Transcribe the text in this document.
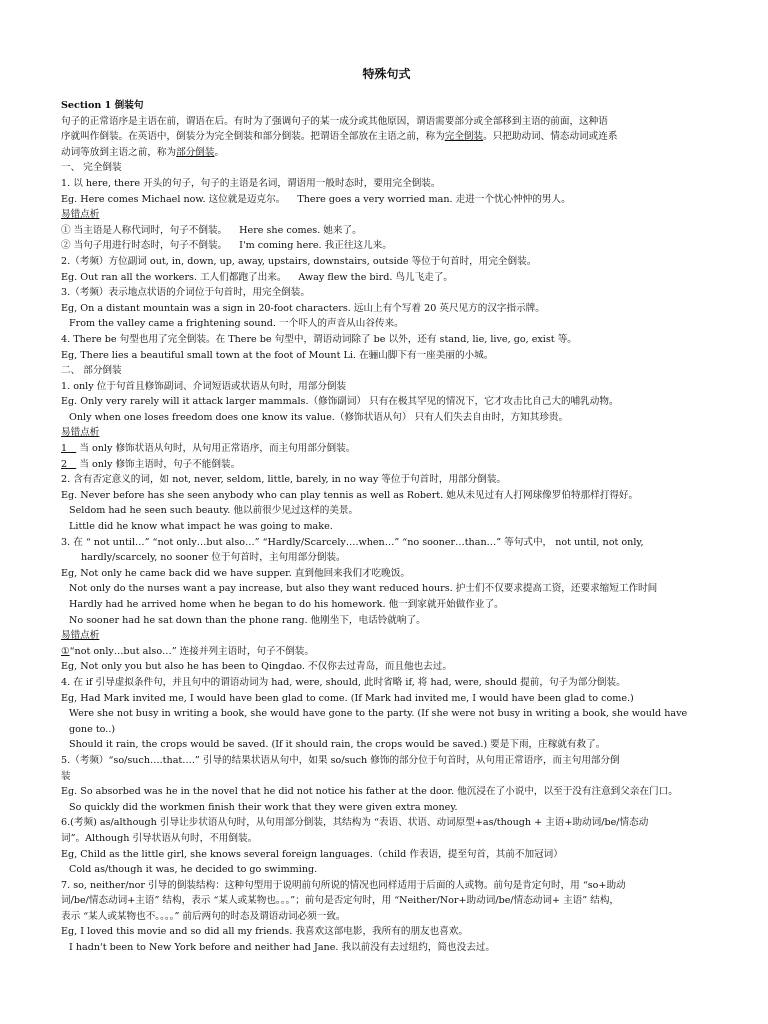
特殊句式

Section 1 倒装句

句子的正常语序是主语在前，谓语在后。有时为了强调句子的某一成分或其他原因，谓语需要部分或全部移到主语的前面，这种语

序就叫作倒装。在英语中，倒装分为完全倒装和部分倒装。把谓语全部放在主语之前，称为完全倒装。只把助动词、情态动词或连系

动词等放到主语之前，称为部分倒装。

一、 完全倒装

1. 以 here, there 开头的句子，句子的主语是名词，谓语用一般时态时，要用完全倒装。

Eg. Here comes Michael now. 这位就是迈克尔。 There goes a very worried man. 走进一个忧心忡忡的男人。

易错点析

① 当主语是人称代词时，句子不倒装。 Here she comes. 她来了。

② 当句子用进行时态时，句子不倒装。 I'm coming here. 我正往这儿来。

2.（考频）方位副词 out, in, down, up, away, upstairs, downstairs, outside 等位于句首时，用完全倒装。

Eg. Out ran all the workers. 工人们都跑了出来。 Away flew the bird. 鸟儿飞走了。

3.（考频）表示地点状语的介词位于句首时，用完全倒装。

Eg, On a distant mountain was a sign in 20-foot characters. 远山上有个写着 20 英尺见方的汉字指示牌。

From the valley came a frightening sound. 一个吓人的声音从山谷传来。

4. There be 句型也用了完全倒装。在 There be 句型中，谓语动词除了 be 以外，还有 stand, lie, live, go, exist 等。

Eg, There lies a beautiful small town at the foot of Mount Li. 在骊山脚下有一座美丽的小城。

二、 部分倒装

1. only 位于句首且修饰副词、介词短语或状语从句时，用部分倒装

Eg. Only very rarely will it attack larger mammals.（修饰副词） 只有在极其罕见的情况下，它才攻击比自己大的哺乳动物。

Only when one loses freedom does one know its value.（修饰状语从句） 只有人们失去自由时，方知其珍贵。

易错点析

1    当 only 修饰状语从句时，从句用正常语序，而主句用部分倒装。

2    当 only 修饰主语时，句子不能倒装。

2. 含有否定意义的词，如 not, never, seldom, little, barely, in no way 等位于句首时，用部分倒装。

Eg. Never before has she seen anybody who can play tennis as well as Robert. 她从未见过有人打网球像罗伯特那样打得好。

Seldom had he seen such beauty. 他以前很少见过这样的美景。

Little did he know what impact he was going to make.

3. 在 “ not until…” “not only…but also…” “Hardly/Scarcely….when…” “no sooner…than…” 等句式中， not until, not only,

hardly/scarcely, no sooner 位于句首时，主句用部分倒装。

Eg, Not only he came back did we have supper. 直到他回来我们才吃晚饭。

Not only do the nurses want a pay increase, but also they want reduced hours. 护士们不仅要求提高工资，还要求缩短工作时间

Hardly had he arrived home when he began to do his homework. 他一到家就开始做作业了。

No sooner had he sat down than the phone rang. 他刚坐下，电话铃就响了。

易错点析

①“not only…but also…” 连接并列主语时，句子不倒装。

Eg, Not only you but also he has been to Qingdao. 不仅你去过青岛，而且他也去过。

4. 在 if 引导虚拟条件句，并且句中的谓语动词为 had, were, should, 此时省略 if, 将 had, were, should 提前，句子为部分倒装。

Eg, Had Mark invited me, I would have been glad to come. (If Mark had invited me, I would have been glad to come.)

Were she not busy in writing a book, she would have gone to the party. (If she were not busy in writing a book, she would have gone to..)

Should it rain, the crops would be saved. (If it should rain, the crops would be saved.) 要是下雨，庄稼就有救了。

5.（考频）“so/such….that….” 引导的结果状语从句中，如果 so/such 修饰的部分位于句首时，从句用正常语序，而主句用部分倒

装

Eg. So absorbed was he in the novel that he did not notice his father at the door. 他沉浸在了小说中，以至于没有注意到父亲在门口。

So quickly did the workmen finish their work that they were given extra money.

6.(考频) as/although 引导让步状语从句时，从句用部分倒装，其结构为 “表语、状语、动词原型+as/though + 主语+助动词/be/情态动

词”。Although 引导状语从句时，不用倒装。

Eg, Child as the little girl, she knows several foreign languages.（child 作表语，提至句首，其前不加冠词）

Cold as/though it was, he decided to go swimming.

7. so, neither/nor 引导的倒装结构：这种句型用于说明前句所说的情况也同样适用于后面的人或物。前句是肯定句时，用 “so+助动

词/be/情态动词+主语” 结构，表示 “某人或某物也。。。”；前句是否定句时，用 “Neither/Nor+助动词/be/情态动词+ 主语” 结构，

表示 “某人或某物也不。。。。” 前后两句的时态及谓语动词必须一致。

Eg, I loved this movie and so did all my friends. 我喜欢这部电影，我所有的朋友也喜欢。

I hadn't been to New York before and neither had Jane. 我以前没有去过纽约，简也没去过。
